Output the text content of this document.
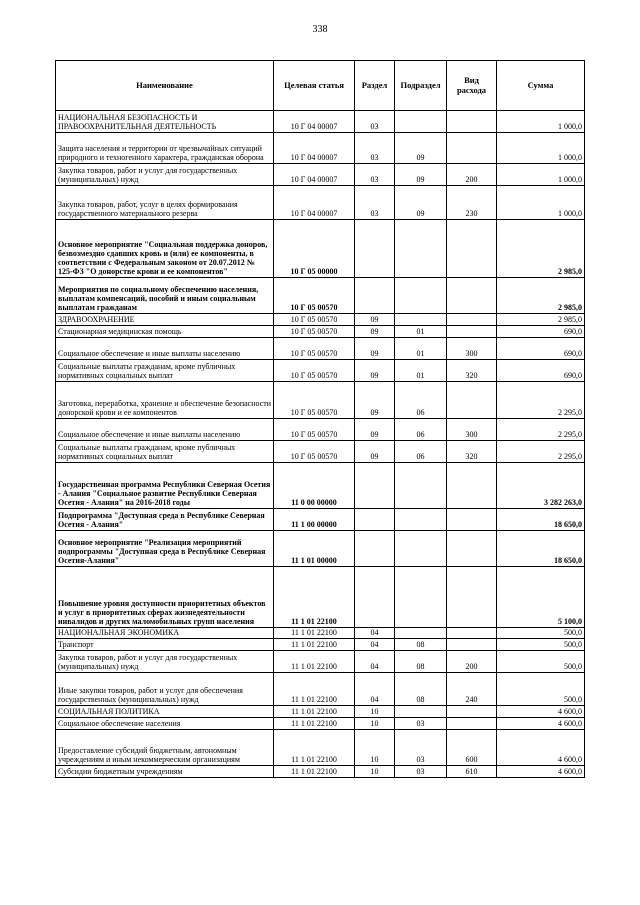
338
Наименование	Целевая статья	Раздел	Подраздел	Вид расхода	Сумма
НАЦИОНАЛЬНАЯ БЕЗОПАСНОСТЬ И ПРАВООХРАНИТЕЛЬНАЯ ДЕЯТЕЛЬНОСТЬ	10 Г 04 00007	03			1 000,0
Защита населения и территории от чрезвычайных ситуаций природного и техногенного характера, гражданская оборона	10 Г 04 00007	03	09		1 000,0
Закупка товаров, работ и услуг для государственных (муниципальных) нужд	10 Г 04 00007	03	09	200	1 000,0
Закупка товаров, работ, услуг в целях формирования государственного материального резерва	10 Г 04 00007	03	09	230	1 000,0
Основное мероприятие "Социальная поддержка доноров, безвозмездно сдавших кровь и (или) ее компоненты, в соответствии с Федеральным законом от 20.07.2012 № 125-ФЗ "О донорстве крови и ее компонентов"	10 Г 05 00000				2 985,0
Мероприятия по социальному обеспечению населения, выплатам компенсаций, пособий и иным социальным выплатам гражданам	10 Г 05 00570				2 985,0
ЗДРАВООХРАНЕНИЕ	10 Г 05 00570	09			2 985,0
Стационарная медицинская помощь	10 Г 05 00570	09	01		690,0
Социальное обеспечение и иные выплаты населению	10 Г 05 00570	09	01	300	690,0
Социальные выплаты гражданам, кроме публичных нормативных социальных выплат	10 Г 05 00570	09	01	320	690,0
Заготовка, переработка, хранение и обеспечение безопасности донорской крови и ее компонентов	10 Г 05 00570	09	06		2 295,0
Социальное обеспечение и иные выплаты населению	10 Г 05 00570	09	06	300	2 295,0
Социальные выплаты гражданам, кроме публичных нормативных социальных выплат	10 Г 05 00570	09	06	320	2 295,0
Государственная программа Республики Северная Осетия - Алания "Социальное развитие Республики Северная Осетия - Алания" на 2016-2018 годы	11 0 00 00000				3 282 263,0
Подпрограмма "Доступная среда в Республике Северная Осетия - Алания"	11 1 00 00000				18 650,0
Основное мероприятие "Реализация мероприятий подпрограммы "Доступная среда в Республике Северная Осетия-Алания"	11 1 01 00000				18 650,0
Повышение уровня доступности приоритетных объектов и услуг в приоритетных сферах жизнедеятельности инвалидов и других маломобильных групп населения	11 1 01 22100				5 100,0
НАЦИОНАЛЬНАЯ ЭКОНОМИКА	11 1 01 22100	04			500,0
Транспорт	11 1 01 22100	04	08		500,0
Закупка товаров, работ и услуг для государственных (муниципальных) нужд	11 1 01 22100	04	08	200	500,0
Иные закупки товаров, работ и услуг для обеспечения государственных (муниципальных) нужд	11 1 01 22100	04	08	240	500,0
СОЦИАЛЬНАЯ ПОЛИТИКА	11 1 01 22100	10			4 600,0
Социальное обеспечение населения	11 1 01 22100	10	03		4 600,0
Предоставление субсидий бюджетным, автономным учреждениям и иным некоммерческим организациям	11 1 01 22100	10	03	600	4 600,0
Субсидии бюджетным учреждениям	11 1 01 22100	10	03	610	4 600,0
